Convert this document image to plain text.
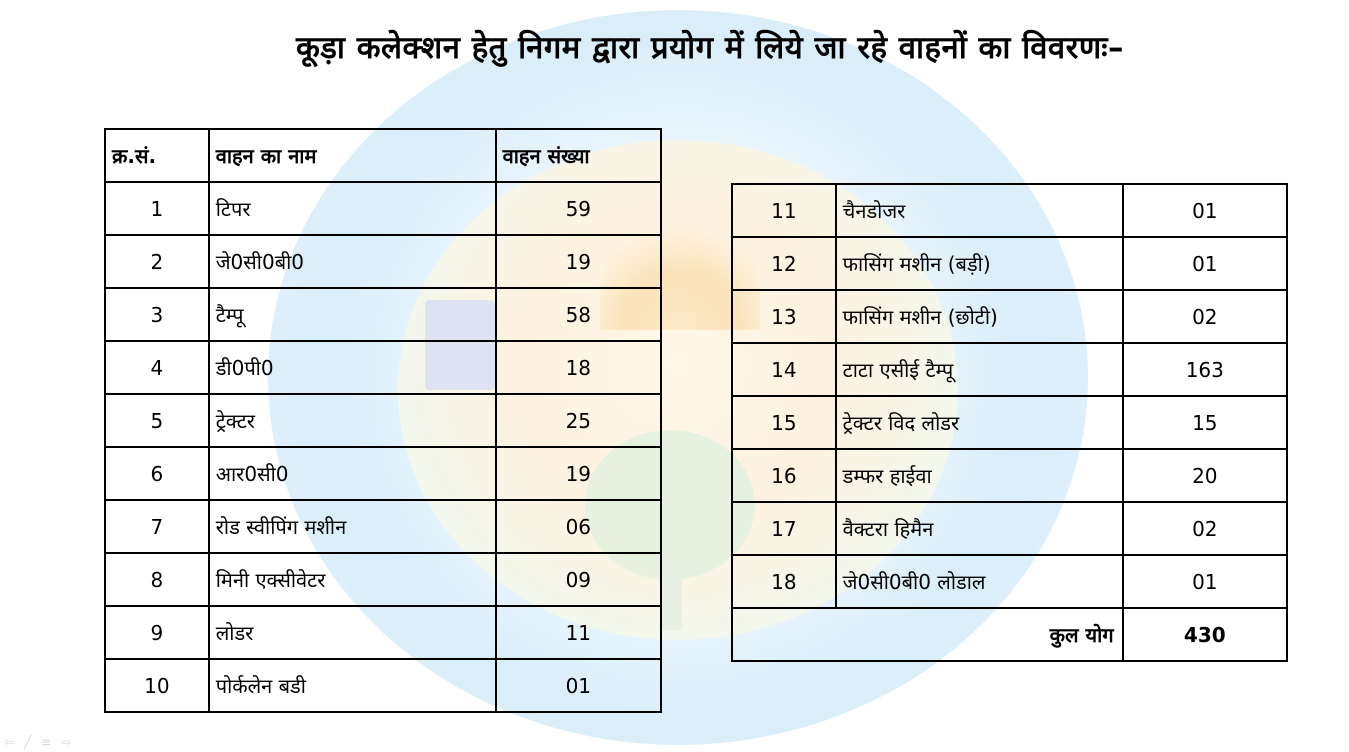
कूड़ा कलेक्शन हेतु निगम द्वारा प्रयोग में लिये जा रहे वाहनों का विवरणः–
क्र.सं.	वाहन का नाम	वाहन संख्या
1	टिपर	59
2	जे0सी0बी0	19
3	टैम्पू	58
4	डी0पी0	18
5	ट्रेक्टर	25
6	आर0सी0	19
7	रोड स्वीपिंग मशीन	06
8	मिनी एक्सीवेटर	09
9	लोडर	11
10	पोर्कलेन बडी	01
11	चैनडोजर	01
12	फासिंग मशीन (बड़ी)	01
13	फासिंग मशीन (छोटी)	02
14	टाटा एसीई टैम्पू	163
15	ट्रेक्टर विद लोडर	15
16	डम्फर हाईवा	20
17	वैक्टरा हिमैन	02
18	जे0सी0बी0 लोडाल	01
कुल योग		430
⇦╱≡⇨
